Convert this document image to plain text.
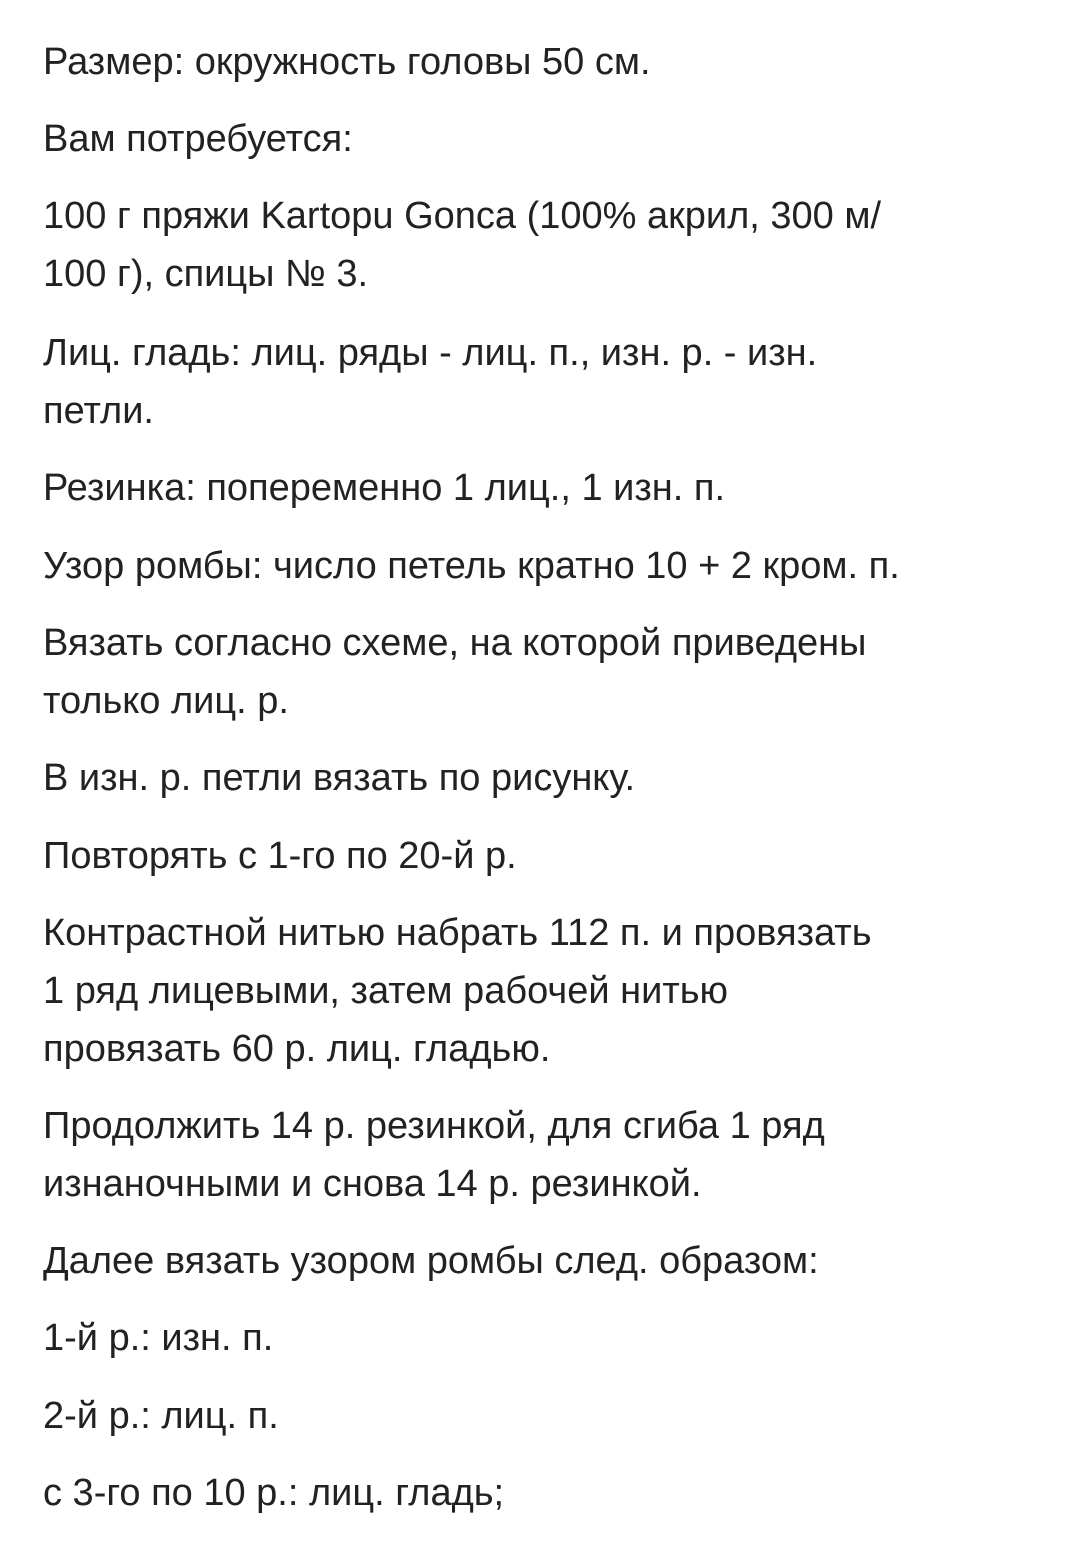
Размер: окружность головы 50 см.

Вам потребуется:

100 г пряжи Kartopu Gonca (100% акрил, 300 м/
100 г), спицы № 3.

Лиц. гладь: лиц. ряды - лиц. п., изн. р. - изн.
петли.

Резинка: попеременно 1 лиц., 1 изн. п.

Узор ромбы: число петель кратно 10 + 2 кром. п.

Вязать согласно схеме, на которой приведены
только лиц. р.

В изн. р. петли вязать по рисунку.

Повторять с 1-го по 20-й р.

Контрастной нитью набрать 112 п. и провязать
1 ряд лицевыми, затем рабочей нитью
провязать 60 р. лиц. гладью.

Продолжить 14 р. резинкой, для сгиба 1 ряд
изнаночными и снова 14 р. резинкой.

Далее вязать узором ромбы след. образом:

1-й р.: изн. п.

2-й р.: лиц. п.

с 3-го по 10 р.: лиц. гладь;
